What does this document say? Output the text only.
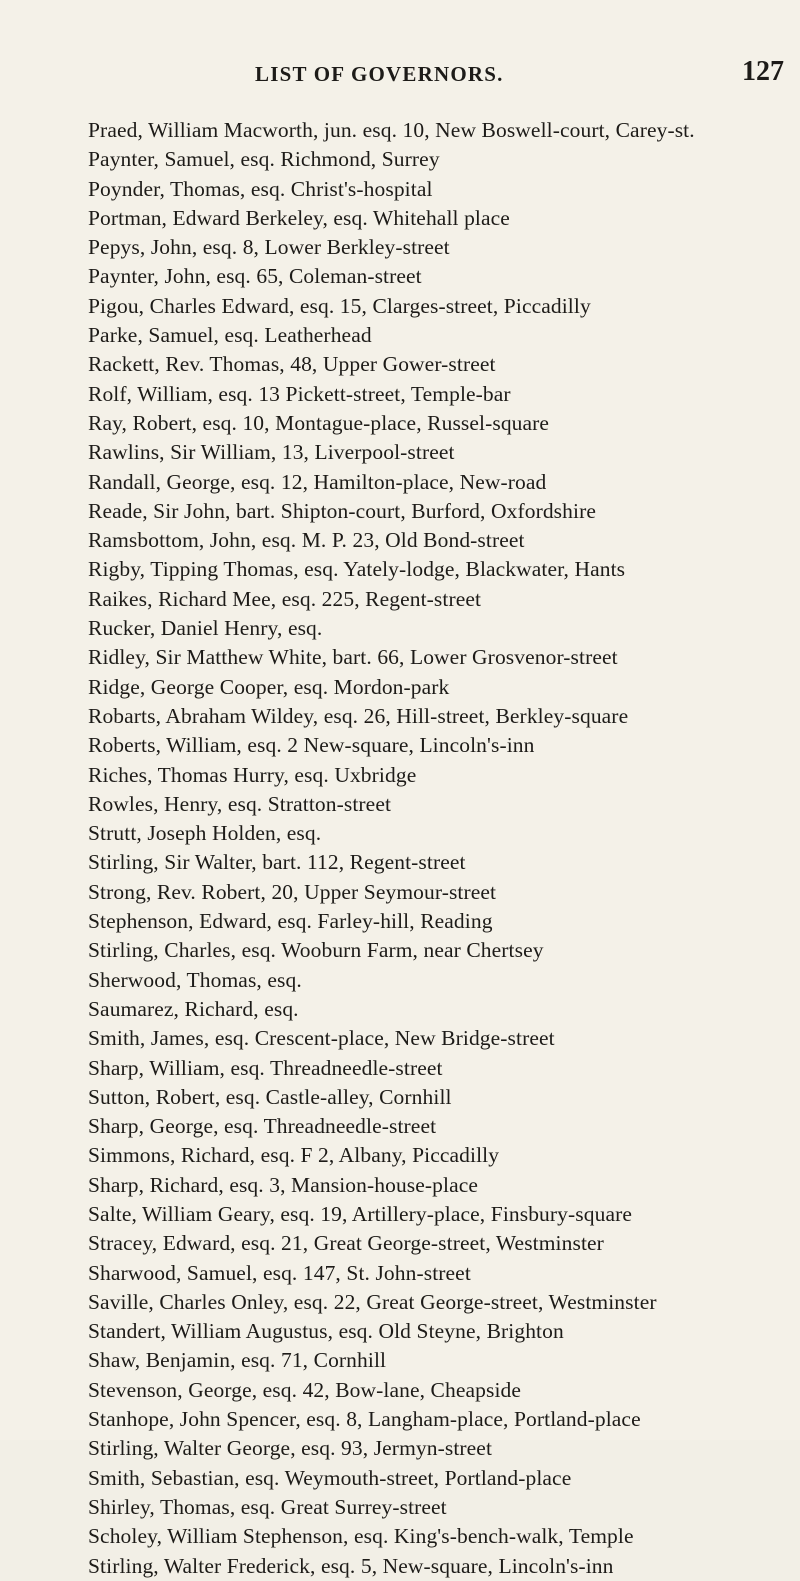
LIST OF GOVERNORS.	127
Praed, William Macworth, jun. esq. 10, New Boswell-court, Carey-st.
Paynter, Samuel, esq. Richmond, Surrey
Poynder, Thomas, esq. Christ's-hospital
Portman, Edward Berkeley, esq. Whitehall place
Pepys, John, esq. 8, Lower Berkley-street
Paynter, John, esq. 65, Coleman-street
Pigou, Charles Edward, esq. 15, Clarges-street, Piccadilly
Parke, Samuel, esq. Leatherhead
Rackett, Rev. Thomas, 48, Upper Gower-street
Rolf, William, esq. 13 Pickett-street, Temple-bar
Ray, Robert, esq. 10, Montague-place, Russel-square
Rawlins, Sir William, 13, Liverpool-street
Randall, George, esq. 12, Hamilton-place, New-road
Reade, Sir John, bart. Shipton-court, Burford, Oxfordshire
Ramsbottom, John, esq. M. P. 23, Old Bond-street
Rigby, Tipping Thomas, esq. Yately-lodge, Blackwater, Hants
Raikes, Richard Mee, esq. 225, Regent-street
Rucker, Daniel Henry, esq.
Ridley, Sir Matthew White, bart. 66, Lower Grosvenor-street
Ridge, George Cooper, esq. Mordon-park
Robarts, Abraham Wildey, esq. 26, Hill-street, Berkley-square
Roberts, William, esq. 2 New-square, Lincoln's-inn
Riches, Thomas Hurry, esq. Uxbridge
Rowles, Henry, esq. Stratton-street
Strutt, Joseph Holden, esq.
Stirling, Sir Walter, bart. 112, Regent-street
Strong, Rev. Robert, 20, Upper Seymour-street
Stephenson, Edward, esq. Farley-hill, Reading
Stirling, Charles, esq. Wooburn Farm, near Chertsey
Sherwood, Thomas, esq.
Saumarez, Richard, esq.
Smith, James, esq. Crescent-place, New Bridge-street
Sharp, William, esq. Threadneedle-street
Sutton, Robert, esq. Castle-alley, Cornhill
Sharp, George, esq. Threadneedle-street
Simmons, Richard, esq. F 2, Albany, Piccadilly
Sharp, Richard, esq. 3, Mansion-house-place
Salte, William Geary, esq. 19, Artillery-place, Finsbury-square
Stracey, Edward, esq. 21, Great George-street, Westminster
Sharwood, Samuel, esq. 147, St. John-street
Saville, Charles Onley, esq. 22, Great George-street, Westminster
Standert, William Augustus, esq. Old Steyne, Brighton
Shaw, Benjamin, esq. 71, Cornhill
Stevenson, George, esq. 42, Bow-lane, Cheapside
Stanhope, John Spencer, esq. 8, Langham-place, Portland-place
Stirling, Walter George, esq. 93, Jermyn-street
Smith, Sebastian, esq. Weymouth-street, Portland-place
Shirley, Thomas, esq. Great Surrey-street
Scholey, William Stephenson, esq. King's-bench-walk, Temple
Stirling, Walter Frederick, esq. 5, New-square, Lincoln's-inn
